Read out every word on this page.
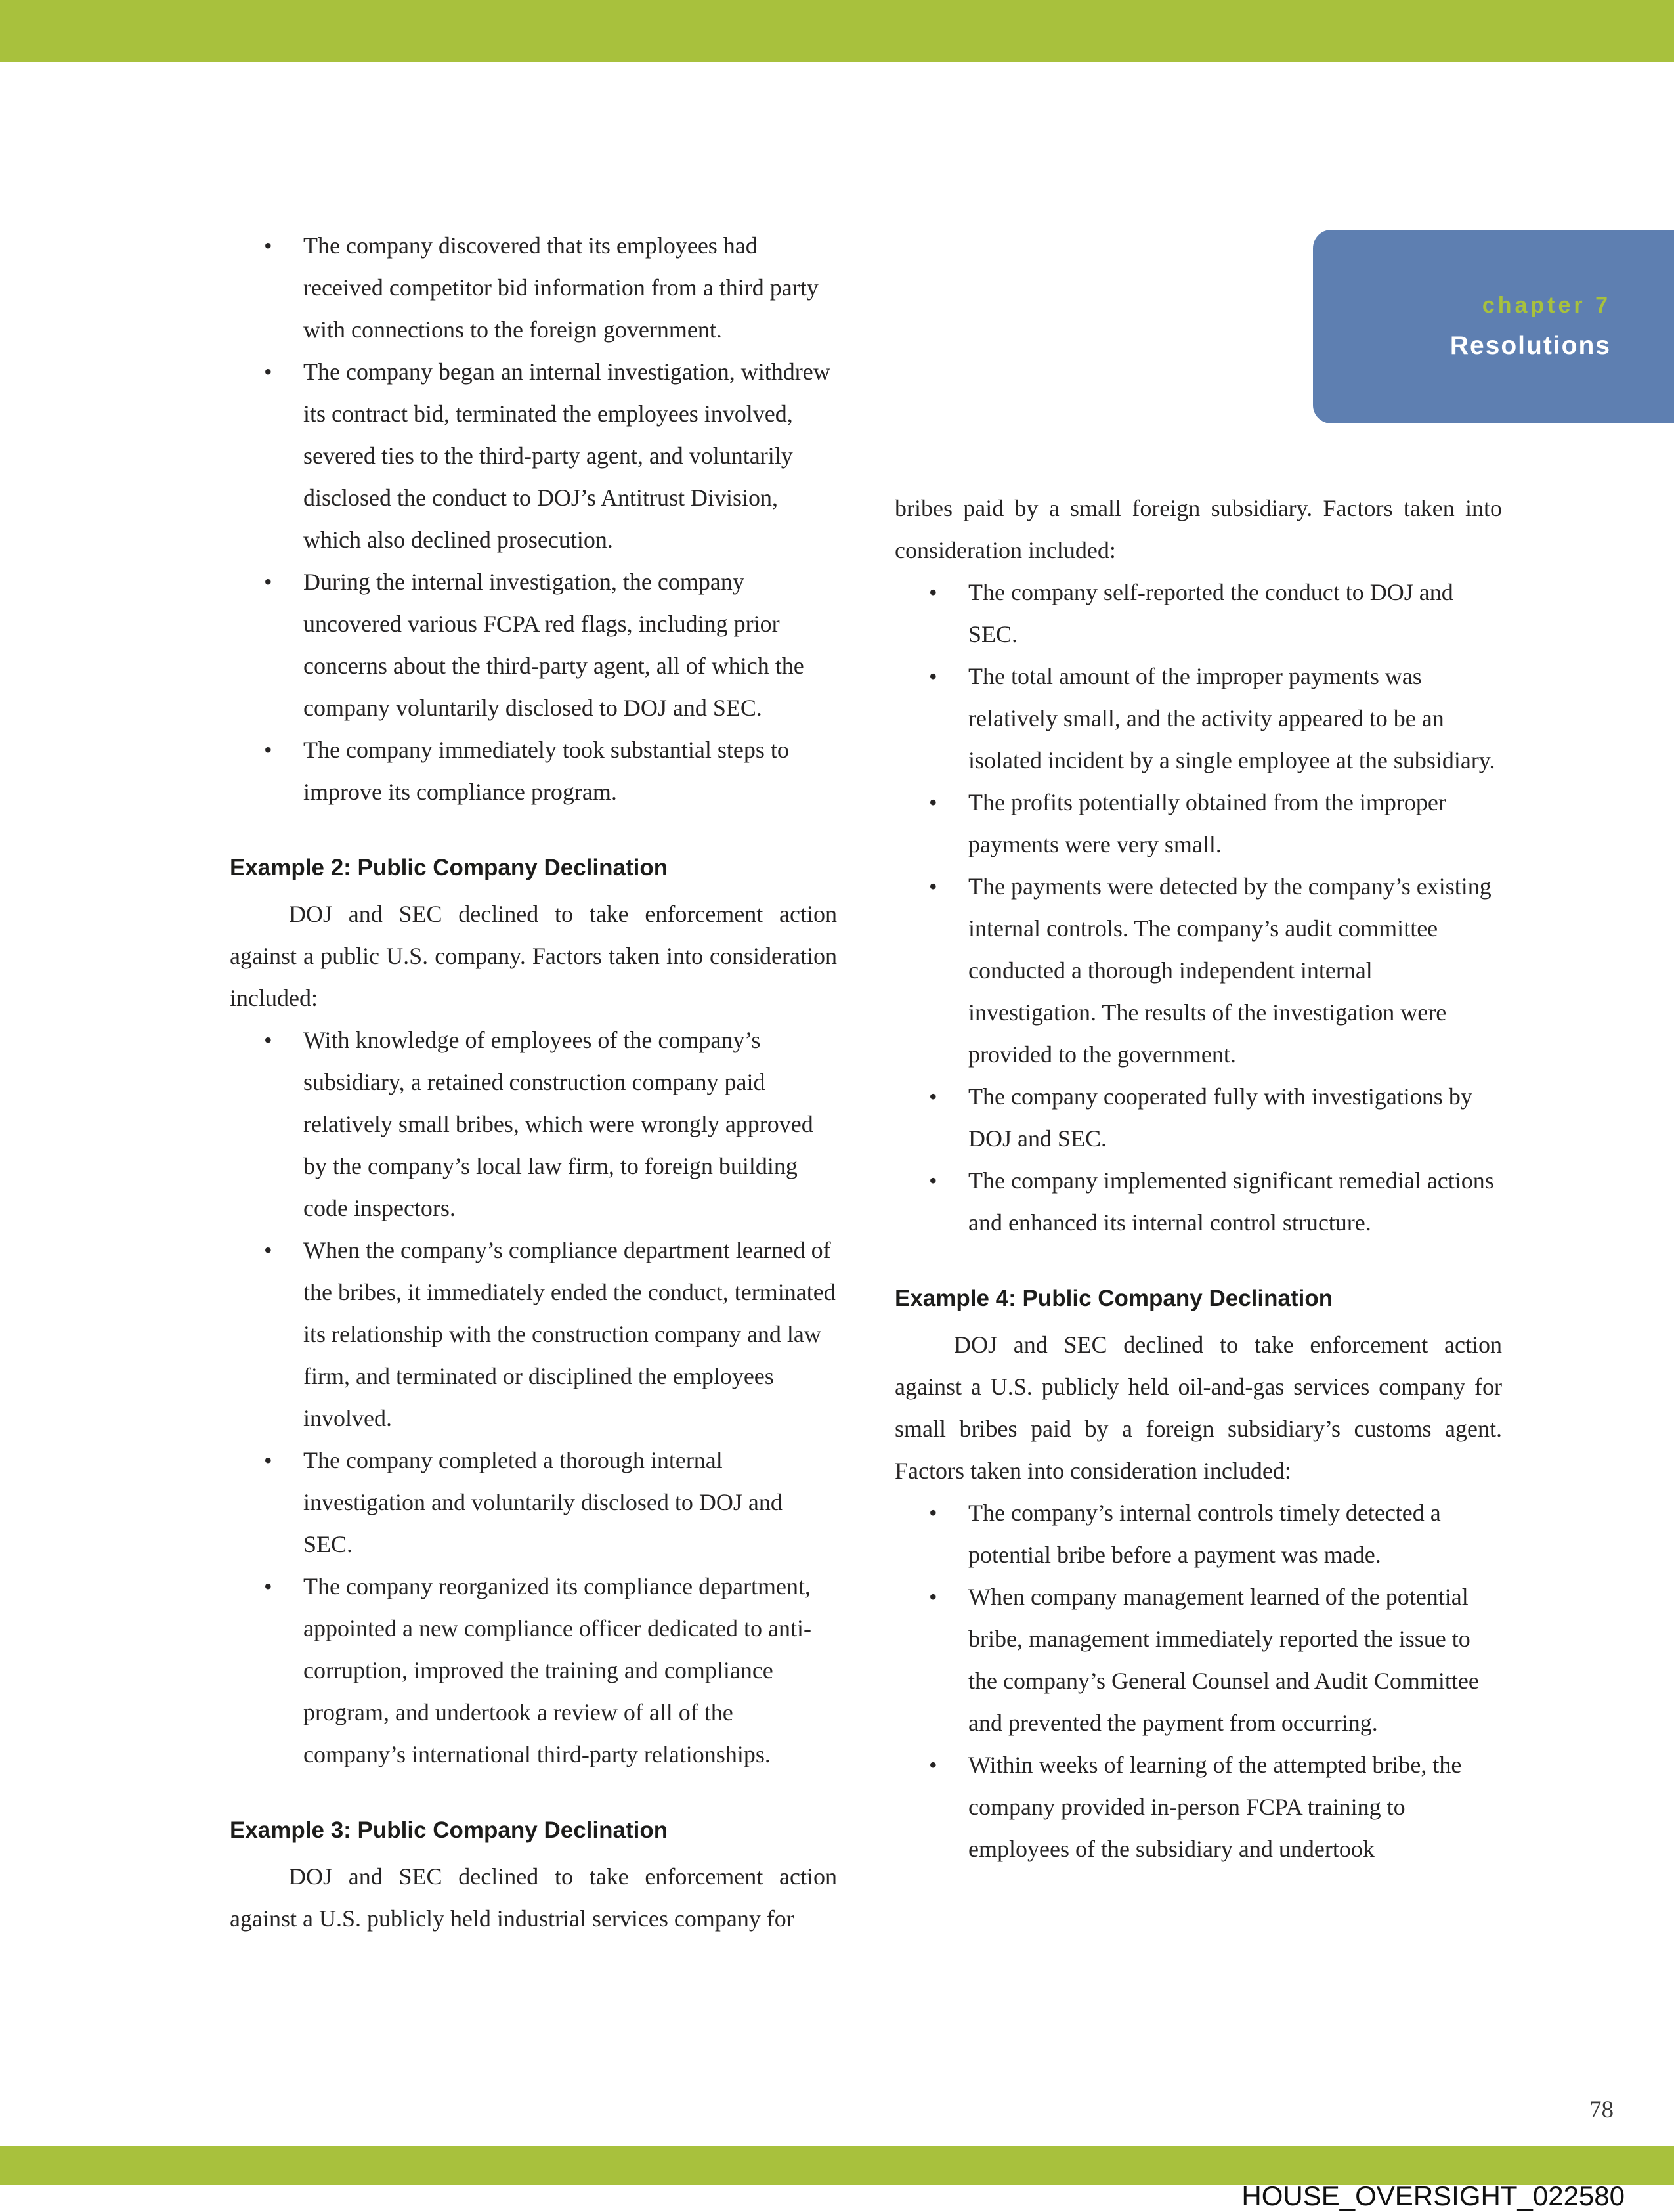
chapter 7
Resolutions
• The company discovered that its employees had received competitor bid information from a third party with connections to the foreign government.
• The company began an internal investigation, withdrew its contract bid, terminated the employees involved, severed ties to the third-party agent, and voluntarily disclosed the conduct to DOJ’s Antitrust Division, which also declined prosecution.
• During the internal investigation, the company uncovered various FCPA red flags, including prior concerns about the third-party agent, all of which the company voluntarily disclosed to DOJ and SEC.
• The company immediately took substantial steps to improve its compliance program.
Example 2: Public Company Declination
DOJ and SEC declined to take enforcement action against a public U.S. company. Factors taken into consideration included:
• With knowledge of employees of the company’s subsidiary, a retained construction company paid relatively small bribes, which were wrongly approved by the company’s local law firm, to foreign building code inspectors.
• When the company’s compliance department learned of the bribes, it immediately ended the conduct, terminated its relationship with the construction company and law firm, and terminated or disciplined the employees involved.
• The company completed a thorough internal investigation and voluntarily disclosed to DOJ and SEC.
• The company reorganized its compliance department, appointed a new compliance officer dedicated to anti-corruption, improved the training and compliance program, and undertook a review of all of the company’s international third-party relationships.
Example 3: Public Company Declination
DOJ and SEC declined to take enforcement action against a U.S. publicly held industrial services company for
bribes paid by a small foreign subsidiary. Factors taken into consideration included:
• The company self-reported the conduct to DOJ and SEC.
• The total amount of the improper payments was relatively small, and the activity appeared to be an isolated incident by a single employee at the subsidiary.
• The profits potentially obtained from the improper payments were very small.
• The payments were detected by the company’s existing internal controls. The company’s audit committee conducted a thorough independent internal investigation. The results of the investigation were provided to the government.
• The company cooperated fully with investigations by DOJ and SEC.
• The company implemented significant remedial actions and enhanced its internal control structure.
Example 4: Public Company Declination
DOJ and SEC declined to take enforcement action against a U.S. publicly held oil-and-gas services company for small bribes paid by a foreign subsidiary’s customs agent. Factors taken into consideration included:
• The company’s internal controls timely detected a potential bribe before a payment was made.
• When company management learned of the potential bribe, management immediately reported the issue to the company’s General Counsel and Audit Committee and prevented the payment from occurring.
• Within weeks of learning of the attempted bribe, the company provided in-person FCPA training to employees of the subsidiary and undertook
78
HOUSE_OVERSIGHT_022580
